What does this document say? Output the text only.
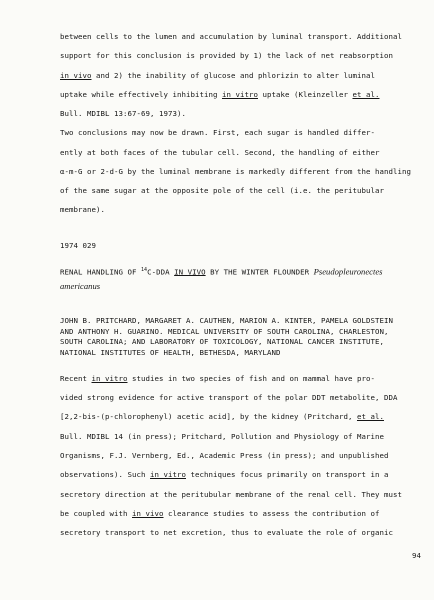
between cells to the lumen and accumulation by luminal transport. Additional
support for this conclusion is provided by 1) the lack of net reabsorption
in vivo and 2) the inability of glucose and phlorizin to alter luminal
uptake while effectively inhibiting in vitro uptake (Kleinzeller et al.
Bull. MDIBL 13:67-69, 1973).
Two conclusions may now be drawn. First, each sugar is handled differ-
ently at both faces of the tubular cell. Second, the handling of either
α-m-G or 2-d-G by the luminal membrane is markedly different from the handling
of the same sugar at the opposite pole of the cell (i.e. the peritubular
membrane).
1974 029
RENAL HANDLING OF $^{14}$C-DDA IN VIVO BY THE WINTER FLOUNDER Pseudopleuronectes
americanus
JOHN B. PRITCHARD, MARGARET A. CAUTHEN, MARION A. KINTER, PAMELA GOLDSTEIN
AND ANTHONY H. GUARINO. MEDICAL UNIVERSITY OF SOUTH CAROLINA, CHARLESTON,
SOUTH CAROLINA; AND LABORATORY OF TOXICOLOGY, NATIONAL CANCER INSTITUTE,
NATIONAL INSTITUTES OF HEALTH, BETHESDA, MARYLAND
Recent in vitro studies in two species of fish and on mammal have pro-
vided strong evidence for active transport of the polar DDT metabolite, DDA
[2,2-bis-(p-chlorophenyl) acetic acid], by the kidney (Pritchard, et al.
Bull. MDIBL 14 (in press); Pritchard, Pollution and Physiology of Marine
Organisms, F.J. Vernberg, Ed., Academic Press (in press); and unpublished
observations). Such in vitro techniques focus primarily on transport in a
secretory direction at the peritubular membrane of the renal cell. They must
be coupled with in vivo clearance studies to assess the contribution of
secretory transport to net excretion, thus to evaluate the role of organic
94
